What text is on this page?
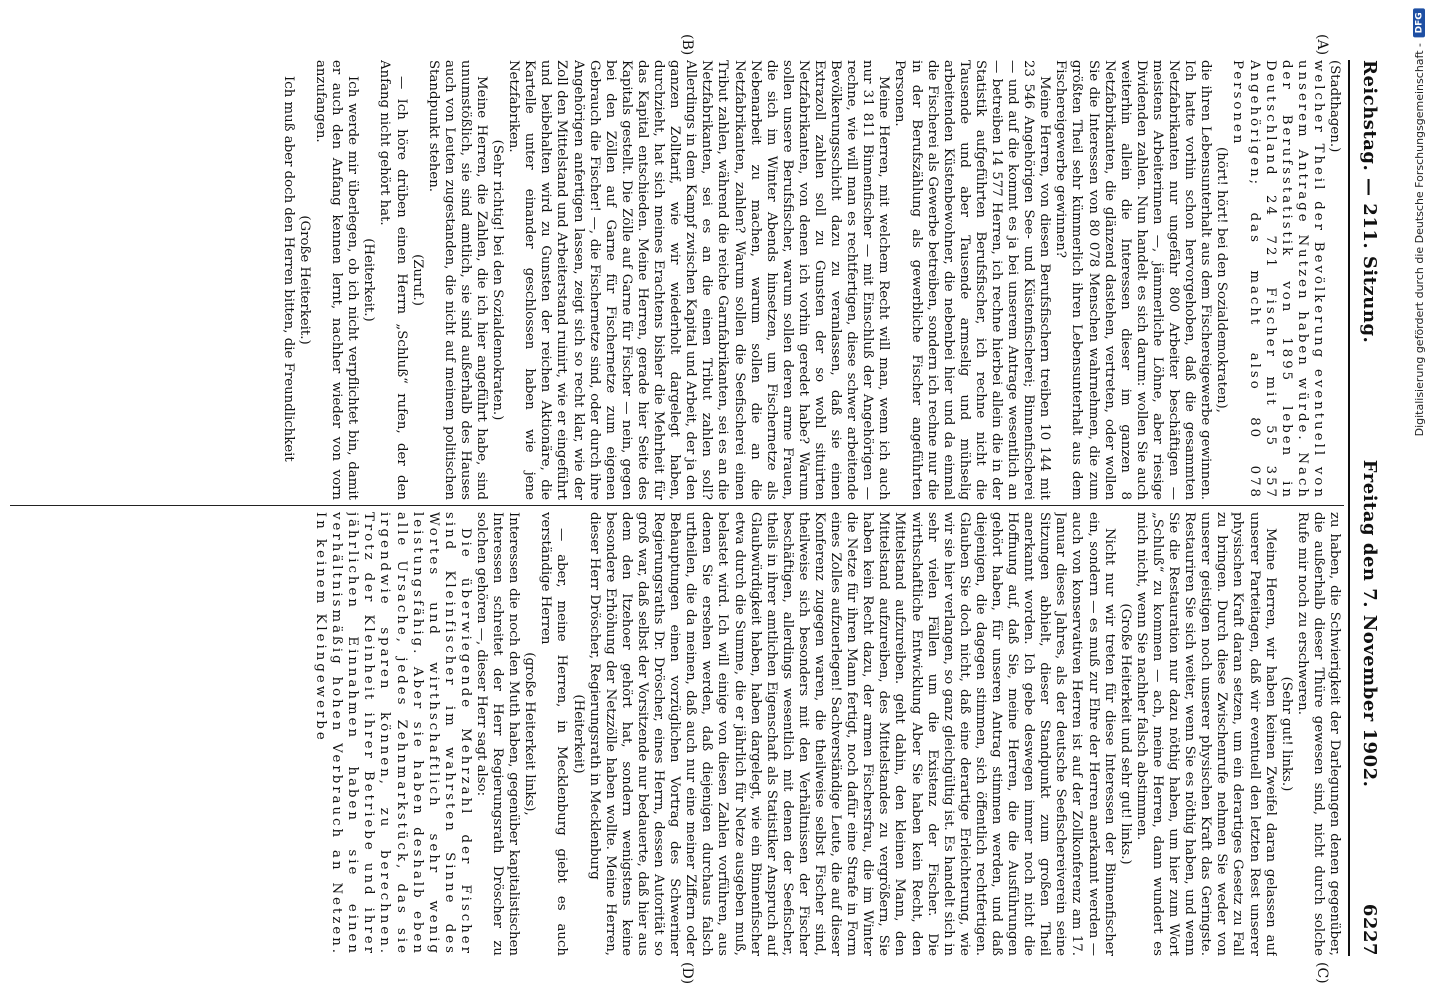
Digitalisierung gefördert durch die Deutsche Forschungsgemeinschaft -
DFG
Reichstag. — 211. Sitzung.
Freitag den 7. November 1902.
6227
(A)
(B)
(C)
(D)

(Stadthagen.)

welcher Theil der Bevölkerung eventuell von unserem Antrage Nutzen haben würde. Nach der Berufsstatistik von 1895 leben in Deutschland 24 721 Fischer mit 55 357 Angehörigen; das macht also 80 078 Personen

(hört! hört! bei den Sozialdemokraten),

die ihren Lebensunterhalt aus dem Fischereigewerbe gewinnen. Ich hatte vorhin schon hervorgehoben, daß die gesammten Netzfabrikanten nur ungefähr 800 Arbeiter beschäftigen — meistens Arbeiterinnen —, jämmerliche Löhne, aber riesige Dividenden zahlen. Nun handelt es sich darum: wollen Sie auch weiterhin allein die Interessen dieser im ganzen 8 Netzfabrikanten, die glänzend dastehen, vertreten, oder wollen Sie die Interessen von 80 078 Menschen wahrnehmen, die zum größten Theil sehr kümmerlich ihren Lebensunterhalt aus dem Fischereigewerbe gewinnen?

Meine Herren, von diesen Berufsfischern treiben 10 144 mit 23 546 Angehörigen See- und Küstenfischerei; Binnenfischerei — und auf die kommt es ja bei unserem Antrage wesentlich an — betreiben 14 577 Herren, ich rechne hierbei allein die in der Statistik aufgeführten Berufsfischer, ich rechne nicht die Tausende und aber Tausende armselig und mühselig arbeitenden Küstenbewohner, die nebenbei hier und da einmal die Fischerei als Gewerbe betreiben, sondern ich rechne nur die in der Berufszählung als gewerbliche Fischer angeführten Personen.

Meine Herren, mit welchem Recht will man, wenn ich auch nur 31 811 Binnenfischer — mit Einschluß der Angehörigen — rechne, wie will man es rechtfertigen, diese schwer arbeitende Bevölkerungsschicht dazu zu veranlassen, daß sie einen Extrazoll zahlen soll zu Gunsten der so wohl situirten Netzfabrikanten, von denen ich vorhin geredet habe? Warum sollen unsere Berufsfischer, warum sollen deren arme Frauen, die sich im Winter Abends hinsetzen, um Fischernetze als Nebenarbeit zu machen, warum sollen die an die Netzfabrikanten, zahlen? Warum sollen die Seefischerei einen Tribut zahlen, während die reiche Garnfabrikanten, sei es an die Netzfabrikanten, sei es an die einen Tribut zahlen soll? Allerdings in dem Kampf zwischen Kapital und Arbeit, der ja den ganzen Zolltarif, wie wir wiederholt dargelegt haben, durchzieht, hat sich meines Erachtens bisher die Mehrheit für das Kapital entschieden. Meine Herren, gerade hier Seite des Kapitals gestellt. Die Zölle auf Garne für Fischer — nein, gegen bei den Zöllen auf Garne für Fischernetze zum eigenen Gebrauch die Fischer! —, die Fischernetze sind, oder durch ihre Angehörigen anfertigen lassen, zeigt sich so recht klar, wie der Zoll den Mittelstand und Arbeiterstand ruinirt, wie er eingeführt und beibehalten wird zu Gunsten der reichen Aktionäre, die Kartelle unter einander geschlossen haben wie jene Netzfabriken.

(Sehr richtig! bei den Sozialdemokraten.)

Meine Herren, die Zahlen, die ich hier angeführt habe, sind unumstößlich, sie sind amtlich, sie sind außerhalb des Hauses auch von Leuten zugestanden, die nicht auf meinem politischen Standpunkt stehen.

(Zuruf.)

— Ich höre drüben einen Herrn „Schluß“ rufen, der den Anfang nicht gehört hat.

(Heiterkeit.)

Ich werde mir überlegen, ob ich nicht verpflichtet bin, damit er auch den Anfang kennen lernt, nachher wieder von vorn anzufangen.

(Große Heiterkeit.)

Ich muß aber doch den Herren bitten, die Freundlichkeit

zu haben, die Schwierigkeit der Darlegungen denen gegenüber, die außerhalb dieser Thüre gewesen sind, nicht durch solche Rufe mir noch zu erschweren.

(Sehr gut! links.)

Meine Herren, wir haben keinen Zweifel daran gelassen auf unserer Parteitagen, daß wir eventuell den letzten Rest unserer physischen Kraft daran setzen, um ein derartiges Gesetz zu Fall zu bringen. Durch diese Zwischenrufe nehmen Sie weder von unserer geistigen noch unserer physischen Kraft das Geringste. Restauriren Sie sich weiter, wenn Sie es nöthig haben, und wenn Sie die Restauration nur dazu nöthig haben, um hier zum Wort „Schluß“ zu kommen — ach, meine Herren, dann wundert es mich nicht, wenn Sie nachher falsch abstimmen.

(Große Heiterkeit und sehr gut! links.)

Nicht nur wir treten für diese Interessen der Binnenfischer ein, sondern — es muß zur Ehre der Herren anerkannt werden — auch von konservativen Herren ist auf der Zollkonferenz am 17. Januar dieses Jahres, als der deutsche Seefischereiverein seine Sitzungen abhielt, dieser Standpunkt zum großen Theil anerkannt worden. Ich gebe deswegen immer noch nicht die Hoffnung auf, daß Sie, meine Herren, die die Ausführungen gehört haben, für unseren Antrag stimmen werden, und daß diejenigen, die dagegen stimmen, sich öffentlich rechtfertigen. Glauben Sie doch nicht, daß eine derartige Erleichterung, wie wir sie hier verlangen, so ganz gleichgültig ist. Es handelt sich in sehr vielen Fällen um die Existenz der Fischer. Die wirthschaftliche Entwicklung Aber Sie haben kein Recht, den Mittelstand aufzureiben. geht dahin, den kleinen Mann, den Mittelstand aufzureiben, des Mittelstandes zu vergrößern, Sie haben kein Recht dazu, der armen Fischersfrau, die im Winter die Netze für ihren Mann fertigt, noch dafür eine Strafe in Form eines Zolles aufzuerlegen! Sachverständige Leute, die auf dieser Konferenz zugegen waren, die theilweise selbst Fischer sind, theilweise sich besonders mit den Verhältnissen der Fischer beschäftigen, allerdings wesentlich mit denen der Seefischer, theils in ihrer amtlichen Eigenschaft als Statistiker Anspruch auf Glaubwürdigkeit haben, haben dargelegt, wie ein Binnenfischer etwa durch die Summe, die er jährlich für Netze ausgeben muß, belastet wird. Ich will einige von diesen Zahlen vorführen, aus denen Sie ersehen werden, daß diejenigen durchaus falsch urtheilen, die da meinen, daß auch nur eine meiner Ziffern oder Behauptungen einen vorzüglichen Vortrag des Schweriner Regierungsraths Dr. Dröscher, eines Herrn, dessen Autorität so groß war, daß selbst der Vorsitzende nur bedauerte, daß hier aus dem den Itzehoer gehört hat, sondern wenigstens keine besondere Erhöhung der Netzzölle haben wollte. Meine Herren, dieser Herr Dröscher, Regierungsrath in Mecklenburg

(Heiterkeit)

— aber, meine Herren, in Mecklenburg giebt es auch verständige Herren

(große Heiterkeit links),

Interessen die noch den Muth haben, gegenüber kapitalistischen Interessen schreitet der Herr Regierungsrath Dröscher zu solchen gehören —, dieser Herr sagt also:

Die überwiegende Mehrzahl der Fischer sind Kleinfischer im wahrsten Sinne des Wortes und wirthschaftlich sehr wenig leistungsfähig. Aber sie haben deshalb eben alle Ursache, jedes Zehnmarkstück, das sie irgendwie sparen können, zu berechnen. Trotz der Kleinheit ihrer Betriebe und ihrer jährlichen Einnahmen haben sie einen verhältnismäßig hohen Verbrauch an Netzen. In keinem Kleingewerbe
